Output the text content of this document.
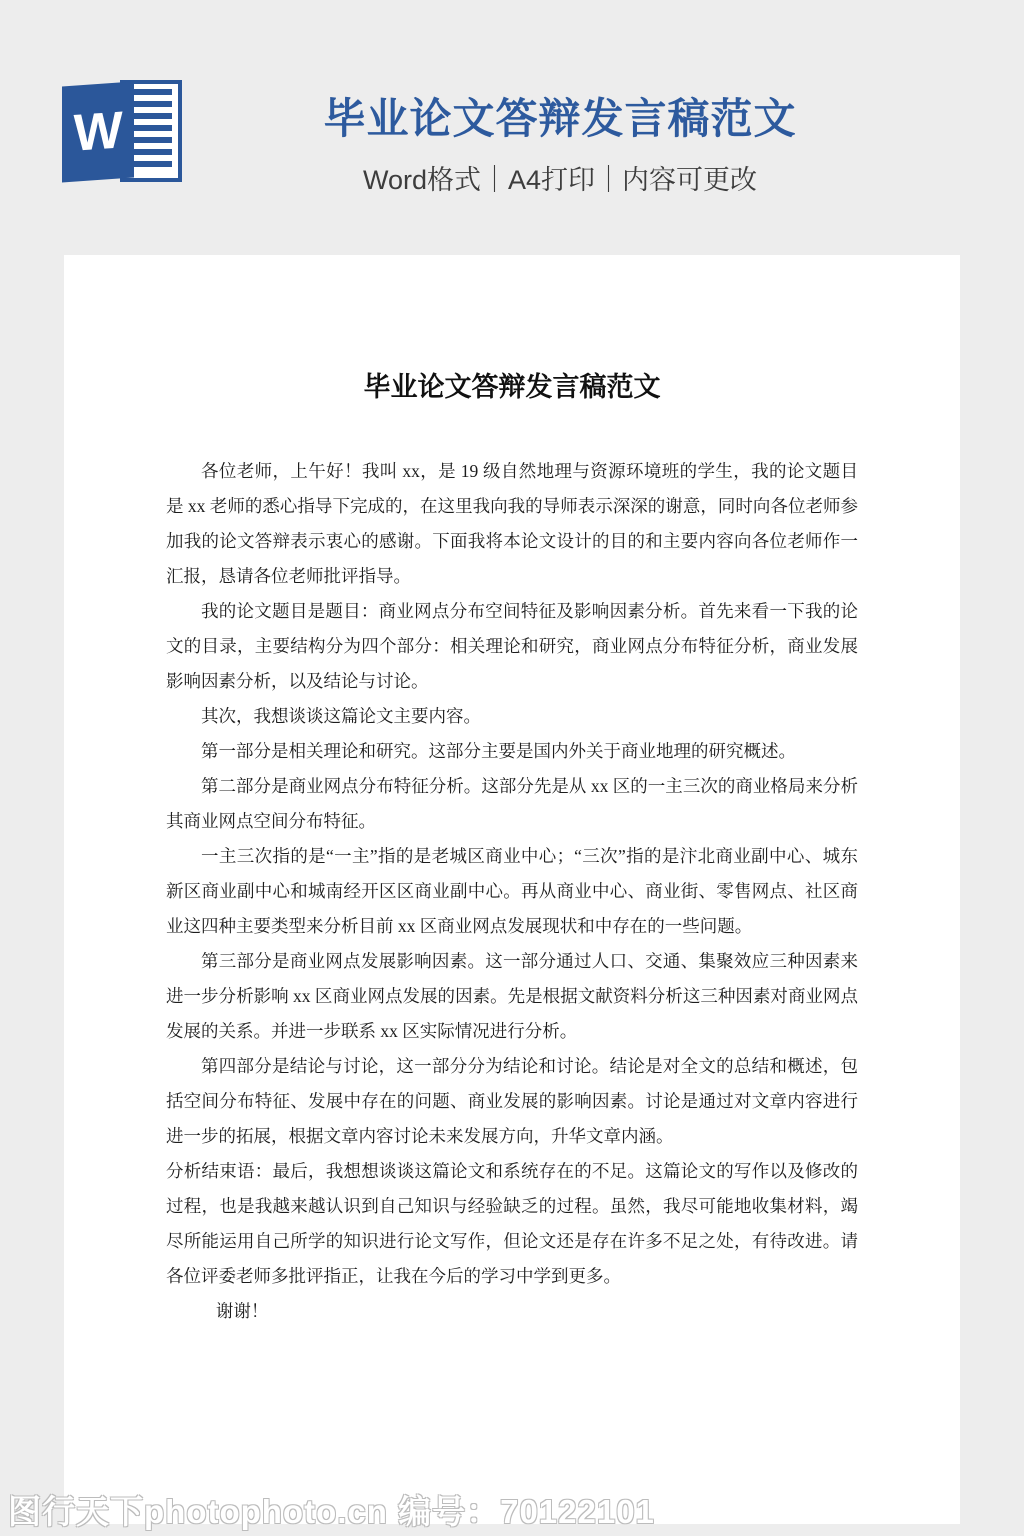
W	毕业论文答辩发言稿范文
Word格式｜A4打印｜内容可更改
毕业论文答辩发言稿范文

各位老师，上午好！我叫 xx，是 19 级自然地理与资源环境班的学生，我的论文题目是 xx 老师的悉心指导下完成的，在这里我向我的导师表示深深的谢意，同时向各位老师参加我的论文答辩表示衷心的感谢。下面我将本论文设计的目的和主要内容向各位老师作一汇报，恳请各位老师批评指导。

我的论文题目是题目：商业网点分布空间特征及影响因素分析。首先来看一下我的论文的目录，主要结构分为四个部分：相关理论和研究，商业网点分布特征分析，商业发展影响因素分析，以及结论与讨论。

其次，我想谈谈这篇论文主要内容。

第一部分是相关理论和研究。这部分主要是国内外关于商业地理的研究概述。

第二部分是商业网点分布特征分析。这部分先是从 xx 区的一主三次的商业格局来分析其商业网点空间分布特征。

一主三次指的是“一主”指的是老城区商业中心；“三次”指的是汴北商业副中心、城东新区商业副中心和城南经开区区商业副中心。再从商业中心、商业街、零售网点、社区商业这四种主要类型来分析目前 xx 区商业网点发展现状和中存在的一些问题。

第三部分是商业网点发展影响因素。这一部分通过人口、交通、集聚效应三种因素来进一步分析影响 xx 区商业网点发展的因素。先是根据文献资料分析这三种因素对商业网点发展的关系。并进一步联系 xx 区实际情况进行分析。

第四部分是结论与讨论，这一部分分为结论和讨论。结论是对全文的总结和概述，包括空间分布特征、发展中存在的问题、商业发展的影响因素。讨论是通过对文章内容进行进一步的拓展，根据文章内容讨论未来发展方向，升华文章内涵。

分析结束语：最后，我想想谈谈这篇论文和系统存在的不足。这篇论文的写作以及修改的过程，也是我越来越认识到自己知识与经验缺乏的过程。虽然，我尽可能地收集材料，竭尽所能运用自己所学的知识进行论文写作，但论文还是存在许多不足之处，有待改进。请各位评委老师多批评指正，让我在今后的学习中学到更多。

谢谢！

图行天下photophoto.cn 编号：70122101
